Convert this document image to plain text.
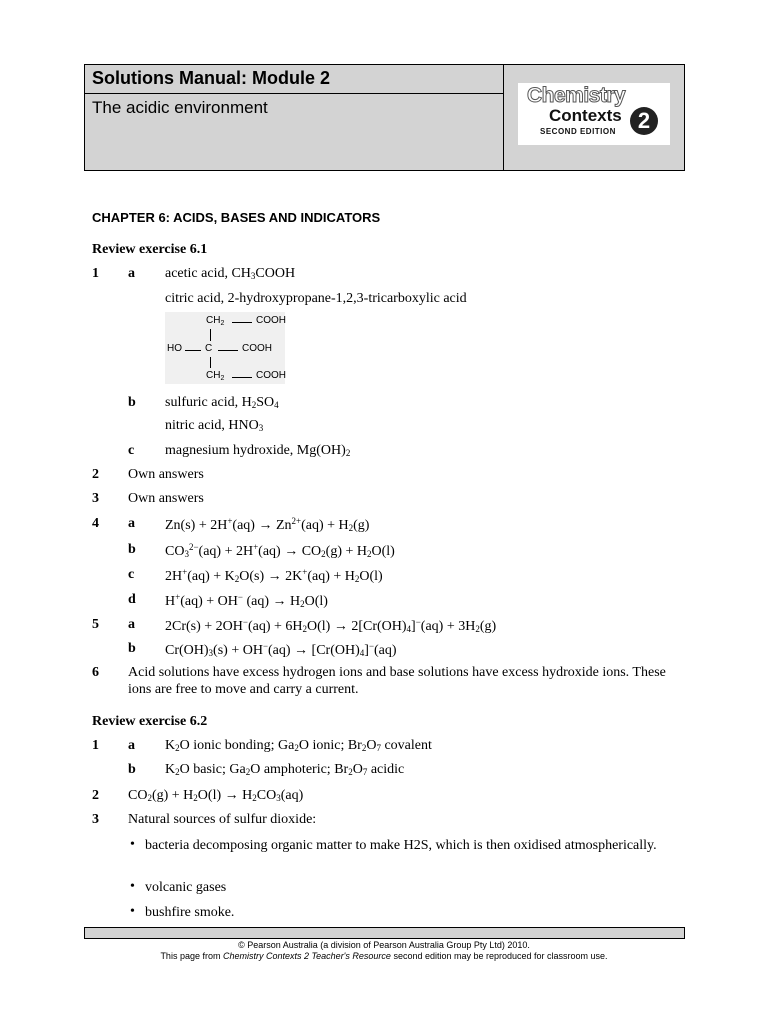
Solutions Manual: Module 2
The acidic environment
Chemistry
Contexts
SECOND EDITION 2
CHAPTER 6: ACIDS, BASES AND INDICATORS
Review exercise 6.1
1 a acetic acid, $CH_3COOH$
citric acid, 2-hydroxypropane-1,2,3-tricarboxylic acid
$CH_2$	COOH
HO C	COOH
$CH_2$	COOH
b sulfuric acid, $H_2SO_4$
nitric acid, $HNO_3$
c magnesium hydroxide, $Mg(OH)_2$
2 Own answers
3 Own answers
4 a $Zn(s) + 2H^+(aq) \to Zn^{2+}(aq) + H_2(g)$
b $CO_3^{2-}(aq) + 2H^+(aq) \to CO_2(g) + H_2O(l)$
c $2H^+(aq) + K_2O(s) \to 2K^+(aq) + H_2O(l)$
d H+(aq) + OH− $(aq) \to H_2O(l)$
5 a $2Cr(s) + 2OH^-(aq) + 6H_2O(l) \to 2[Cr(OH)_4]^-(aq) + 3H_2(g)$
b $Cr(OH)_3(s) + OH^-(aq) \to [Cr(OH)_4]^-(aq)$
6 Acid solutions have excess hydrogen ions and base solutions have excess hydroxide ions. These ions are free to move and carry a current.
Review exercise 6.2
1 a $K_2O$ ionic bonding; $Ga_2O$ ionic; $Br_2O_7$ covalent
b $K_2O$ basic; $Ga_2O$ amphoteric; $Br_2O_7$ acidic
2 $CO_2(g) + H_2O(l) \to H_2CO_3(aq)$
3 Natural sources of sulfur dioxide:
• bacteria decomposing organic matter to make H2S, which is then oxidised atmospherically.
• volcanic gases
• bushfire smoke.
© Pearson Australia (a division of Pearson Australia Group Pty Ltd) 2010.
This page from Chemistry Contexts 2 Teacher's Resource second edition may be reproduced for classroom use.
